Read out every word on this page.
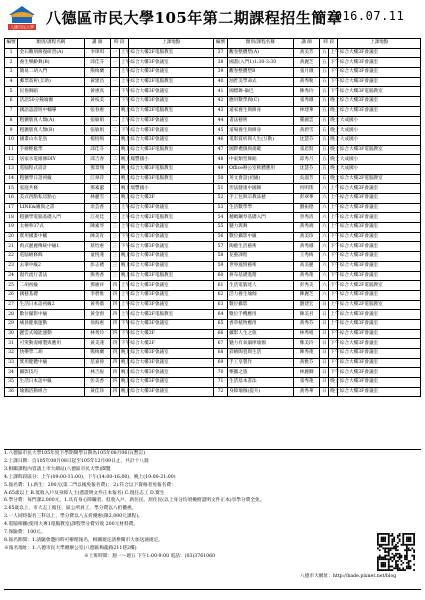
八德市民大學 八德區市民大學105年第二期課程招生簡章
2016.07.11
編號	類別/課程名稱	講 師	時 段		上課地點	編號	類別/課程名稱	講 師	時 段		上課地點
1	金石雕刻修復研習(A)	李瑋琪	一	上午	綜合大樓2F電腦教室	37	觀卷整體塑(A)	黃美芳	五	上午	綜合大樓3F會議室
2	養生樂齡舞(B)	邱佳芬	一	上午	綜合大樓3F會議室	38	國畫(入門1)1:30-3:30	黃麗芝	五	下午	綜合大樓3F會議室
3	簡易二胡入門	熊梅蘭	一	上午	綜合大樓3F會議室	39	觀卷整體塑B	張月娥	五	下午	綜合大樓3F會議室
4	郵票賞析(互助)	黃建昌	一	上午	綜合大樓2F電腦教室	40	油匠美學命式	黃秀勒	五	下午	綜合大樓3F會議室
5	民俗舞蹈	黃惠真	一	下午	綜合大樓3F會議室	41	國標舞-倫巴	陳秀玲	五	下午	綜合大樓3F電腦教室
6	活語50分鐘瑜伽	黃枝美	一	下午	綜合大樓3F會議室	42	應用數學與(C)	張秀娥	五	晚上	綜合大樓3F會議室
7	國語認證班中輔導	張春惠	一	晚上	綜合大樓2F電腦教室	43	道家養生與修身	林建華	五	晚上	綜合大樓3F會議室
8	粗獷版真人類(A)	張敏娟	二	上午	綜合大樓3F會議室	44	書法藝術	羅錦雲	五	晚上	大成國小
9	粗獷版真人類(B)	張敏娟	二	下午	綜合大樓3F會議室	45	道場養生與修身	黃碧雪	五	晚上	大成國小
10	國畫山水花鳥	楊恆鳴	二	晚上	綜合大樓3F會議室	46	電影賞析與人生(互動)	沈慧芬	五	晚上	大成國小
11	手繪輕鬆學	邱佳芬	二	晚上	綜合大樓3F電腦教室	47	國際禮儀與規範	張恩賢	五	晚上	綜合大樓3F電腦教室
12	居家水電維修DIY	邱吉春	二	晚上	鳳豐國小	48	中東類型舞蹈	邱秀月	五	晚上	大成國小
13	電腦程式設計	鄧景翔	二	晚上	綜合大樓3F電腦教室	49	Office辦公室軟體應用	沈慧芬	五	晚上	大成國小
14	粗獷學日語初級	江翠萍	二	晚上	綜合大樓3F電腦教室	50	英文會話(初級)	吳淑芳	五	晚上	綜合大樓2F電腦教室
15	家庭共修	鄧素蕙	二	晚上	瑞豐國小	51	形法健康中國舞	何明瑤	六	上午	綜合大樓3F會議室
16	美式西點私房點心	林麗雪	二	晚上	綜合大樓2F	52	手工包與宗教品藝	彭翠華	六	上午	綜合大樓3F會議室
17	LINE&圖與之書	余芸香	三	上午	綜合大樓3F會議室	53	生活數學學	劉振德	六	上午	綜合大樓3F會議室
18	粗獷學電腦基礎入門	江亮廷	三	上午	綜合大樓2F電腦教室	54	精緻鋼琴基礎入門	曾秀清	六	上午	綜合大樓3F會議室
19	太極拳37式	陳素琴	三	上午	綜合大樓3F會議室	55	魅力與舞	黃秀端	六	上午	綜合大樓3F會議室
20	實用國畫中輔	陳美育	三	下午	綜合大樓3F會議室	56	數位攝影中級	黃美珍	六	下午	綜合大樓3F會議室
21	禹式麗麗傳統中級1	蔡怡惠	三	下午	綜合大樓3F會議室	57	陶藝生活藝術	黃秀娥	六	下午	綜合大樓3F會議室
22	電腦繪修飾	童悅蓮	三	晚上	綜合大樓3F會議室	58	花藝課程	王秀梅	六	下午	綜合大樓3F會議室
23	去筆中級2	彭志禮	三	晚上	綜合大樓3F會議室	59	世界風情藝術	高美麗	六	下午	綜合大樓3F會議室
24	現代流行書法	熊秀香	三	晚上	綜合大樓2F電腦教室	60	拼布基礎進階	黃秀蓮	六	下午	綜合大樓3F會議室
25	二胡初級	鄧慶祥	四	上午	綜合大樓3F會議室	61	生活電腦達人	彭秀美	六	下午	綜合大樓2F電腦教室
26	國藝基礎	李碧惟	四	上午	綜合大樓3F會議室	62	活力養生瑜伽	陳麗芝	六	下午	綜合大樓3F會議室
27	生活日本語初級2	黃秀薇	四	上午	綜合大樓3F會議室	63	數位攝影	劉建宏	日	上午	綜合大樓2F電腦教室
28	數位攝影中級	黃金窗	四	上午	綜合大樓2F電腦教室	64	數位手機應用	陳美君	日	上午	綜合大樓3F會議室
29	痛員健康運動	徐海惠	四	下午	綜合大樓3F會議室	65	香草植物應用	黃秀芬	日	上午	綜合大樓3F會議室
30	麗雲式翰能運動	林秀玲	四	下午	綜合大樓2F	66	攝影人生之旅	林秀娟	日	下午	綜合大樓3F會議室
31	可愛動漫繪製與應用	黃美蓮	四	下午	綜合大樓2F	67	魅力有氧韻律瑜伽	鄭美玲	日	下午	綜合大樓3F會議室
32	快樂學二胡	熊梅蘭	四	晚上	綜合大樓3F會議室	68	彩繪陶瓷與生活	陳秀蓮	日	下午	綜合大樓3F會議室
33	實用健體中級	范嘉偉	四	晚上	綜合大樓3F會議室	69	手工皂製作	黃雅芬	日	下午	綜合大樓3F會議室
34	攝影技巧	林吉振	四	晚上	綜合大樓3F會議室	70	樂團之旅	林麗卿	日	下午	綜合大樓3F會議室
35	生活日本語中級	彭美香	四	晚上	綜合大樓3F會議室	71	生活基本書法	張秀蓮	日	晚上	綜合大樓3F會議室
36	瑜伽活動組合	黃佳珍	四	晚上	綜合大樓3F會議室	72	身障瑜伽(提升)	黃秀華	日	晚上	綜合大樓3F會議室
1.八德區市民大學105年度下學期開學日期為105年08月06日(暫訂)
2.上課日期：自105年08月08日起至105年12月09日止，共計十八週
3.相關課程內容請上市大網站(八德區市民大學)閱覽
4.上課時段區分：上午(09:00-11:00)、下午(14:00-16:00)、晚上(19:00-21:00)
5.報名費：1).新生：200元(第二門以後免報名費)； 2).符合以下資格者免報名費：
A.65歲以上 B.低收入戶及身障人士(憑證明文件正本報名) C.現任志工 D.實生
6.學分費：每門課2,000元，1.具有身心障礙者、低收入戶、新住民、原住民(以上身分均須檢附證明文件正本)享學分費全免。
2.65歲以上、市大志工擔任、區公所員工，學分費以八折優惠。
3.一人同時報名三科以上，學分費以八五折優惠(限2,000元課程)。
4.電腦相關(使用大專1電腦教室)課程學分費另收 200元材料費。
7.保險費：100元。
8.報名期間：1.請隨會邀同時可辦理報名，相關規定請參閱市大加送通規定。
※報名地址：1.八德市民大學總辦公室(八德區梅龍路211巷2樓)
※上班時間：週一～週五 下午1:00-9:00 電話：(03)3761060
八德市大網址：http://bade.pixnet.net/blog
